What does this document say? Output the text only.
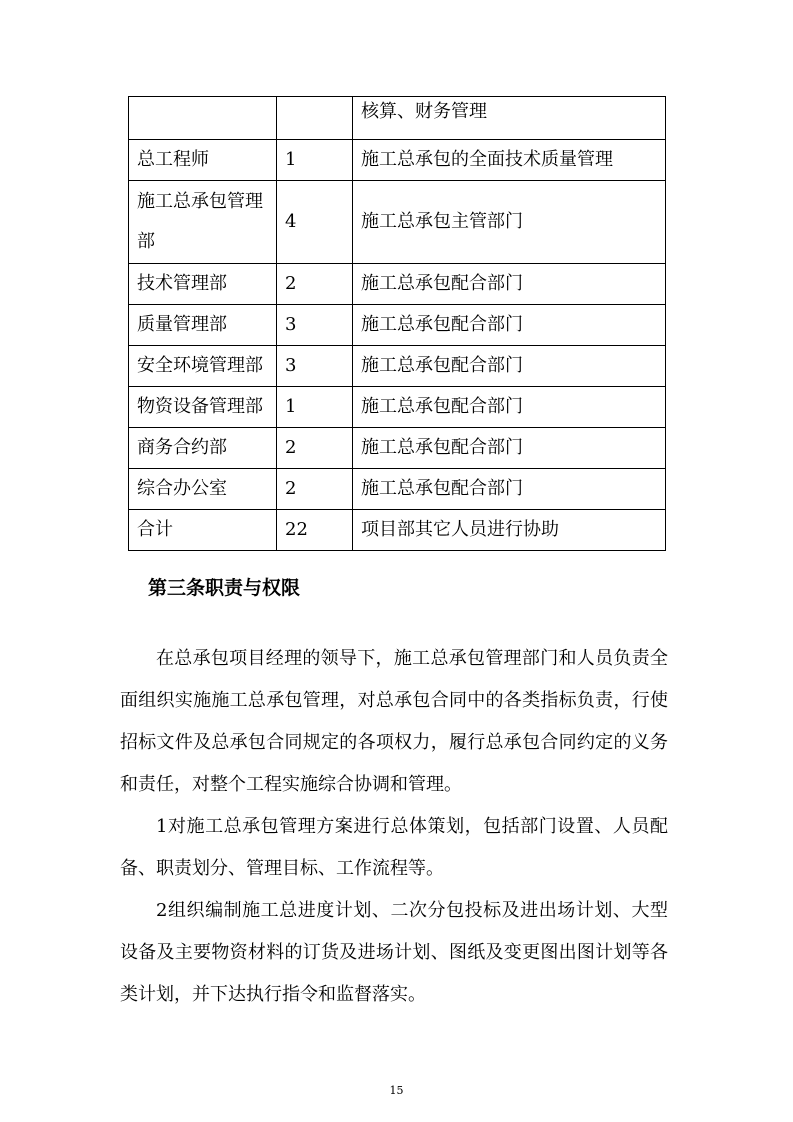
		核算、财务管理
总工程师	1	施工总承包的全面技术质量管理
施工总承包管理部	4	施工总承包主管部门
技术管理部	2	施工总承包配合部门
质量管理部	3	施工总承包配合部门
安全环境管理部	3	施工总承包配合部门
物资设备管理部	1	施工总承包配合部门
商务合约部	2	施工总承包配合部门
综合办公室	2	施工总承包配合部门
合计	22	项目部其它人员进行协助
第三条职责与权限

在总承包项目经理的领导下，施工总承包管理部门和人员负责全面组织实施施工总承包管理，对总承包合同中的各类指标负责，行使招标文件及总承包合同规定的各项权力，履行总承包合同约定的义务和责任，对整个工程实施综合协调和管理。

1对施工总承包管理方案进行总体策划，包括部门设置、人员配备、职责划分、管理目标、工作流程等。

2组织编制施工总进度计划、二次分包投标及进出场计划、大型设备及主要物资材料的订货及进场计划、图纸及变更图出图计划等各类计划，并下达执行指令和监督落实。

15
